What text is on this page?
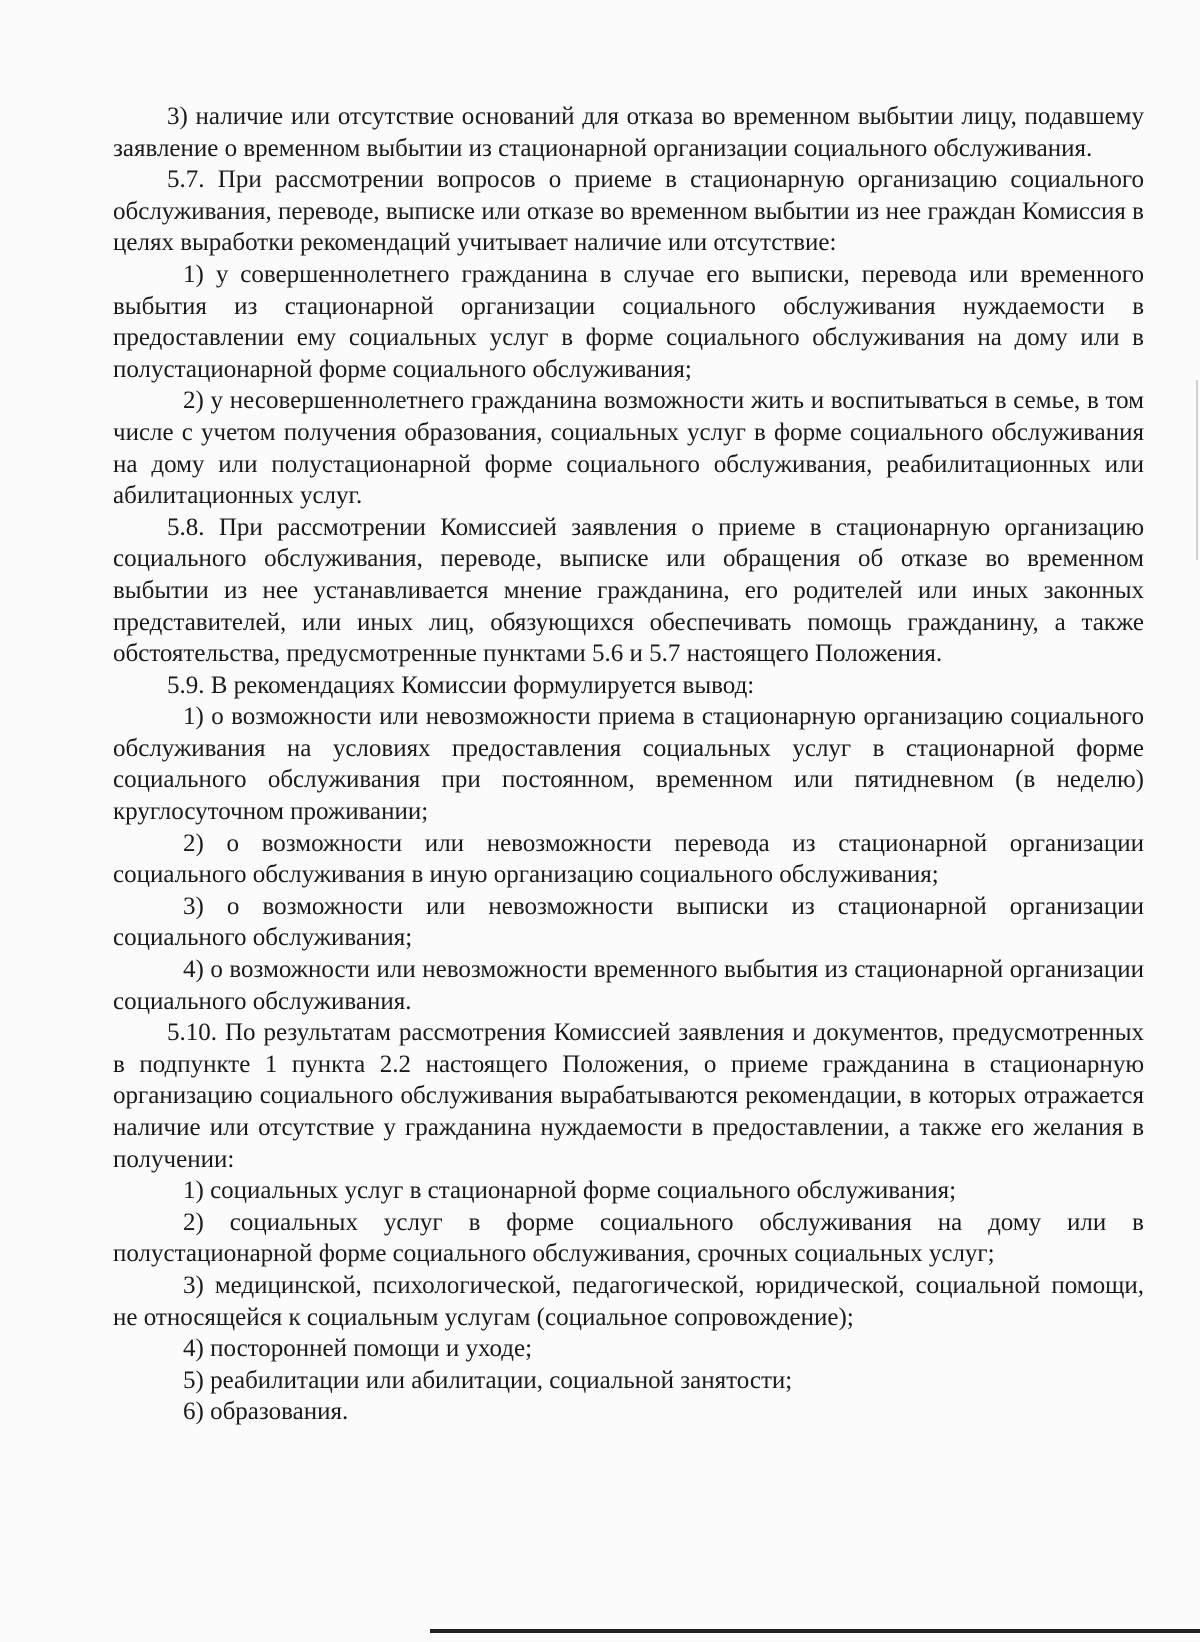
3) наличие или отсутствие оснований для отказа во временном выбытии лицу, подавшему заявление о временном выбытии из стационарной организации социального обслуживания.

5.7. При рассмотрении вопросов о приеме в стационарную организацию социального обслуживания, переводе, выписке или отказе во временном выбытии из нее граждан Комиссия в целях выработки рекомендаций учитывает наличие или отсутствие:

1) у совершеннолетнего гражданина в случае его выписки, перевода или временного выбытия из стационарной организации социального обслуживания нуждаемости в предоставлении ему социальных услуг в форме социального обслуживания на дому или в полустационарной форме социального обслуживания;

2) у несовершеннолетнего гражданина возможности жить и воспитываться в семье, в том числе с учетом получения образования, социальных услуг в форме социального обслуживания на дому или полустационарной форме социального обслуживания, реабилитационных или абилитационных услуг.

5.8. При рассмотрении Комиссией заявления о приеме в стационарную организацию социального обслуживания, переводе, выписке или обращения об отказе во временном выбытии из нее устанавливается мнение гражданина, его родителей или иных законных представителей, или иных лиц, обязующихся обеспечивать помощь гражданину, а также обстоятельства, предусмотренные пунктами 5.6 и 5.7 настоящего Положения.

5.9. В рекомендациях Комиссии формулируется вывод:

1) о возможности или невозможности приема в стационарную организацию социального обслуживания на условиях предоставления социальных услуг в стационарной форме социального обслуживания при постоянном, временном или пятидневном (в неделю) круглосуточном проживании;

2) о возможности или невозможности перевода из стационарной организации социального обслуживания в иную организацию социального обслуживания;

3) о возможности или невозможности выписки из стационарной организации социального обслуживания;

4) о возможности или невозможности временного выбытия из стационарной организации социального обслуживания.

5.10. По результатам рассмотрения Комиссией заявления и документов, предусмотренных в подпункте 1 пункта 2.2 настоящего Положения, о приеме гражданина в стационарную организацию социального обслуживания вырабатываются рекомендации, в которых отражается наличие или отсутствие у гражданина нуждаемости в предоставлении, а также его желания в получении:

1) социальных услуг в стационарной форме социального обслуживания;

2) социальных услуг в форме социального обслуживания на дому или в полустационарной форме социального обслуживания, срочных социальных услуг;

3) медицинской, психологической, педагогической, юридической, социальной помощи, не относящейся к социальным услугам (социальное сопровождение);

4) посторонней помощи и уходе;

5) реабилитации или абилитации, социальной занятости;

6) образования.
